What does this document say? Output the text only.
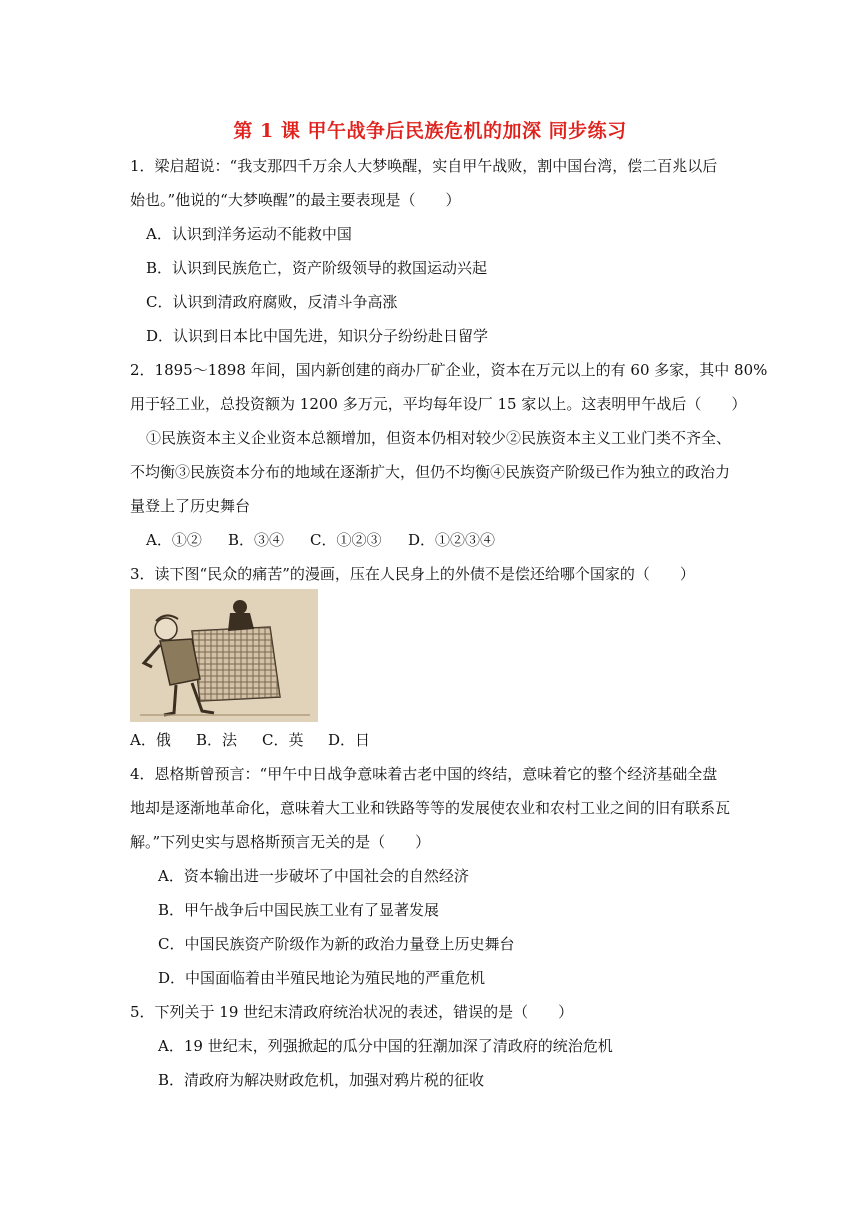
第 1 课 甲午战争后民族危机的加深 同步练习
1．梁启超说：“我支那四千万余人大梦唤醒，实自甲午战败，割中国台湾，偿二百兆以后
始也。”他说的“大梦唤醒”的最主要表现是（　　）
A．认识到洋务运动不能救中国
B．认识到民族危亡，资产阶级领导的救国运动兴起
C．认识到清政府腐败，反清斗争高涨
D．认识到日本比中国先进，知识分子纷纷赴日留学
2．1895～1898 年间，国内新创建的商办厂矿企业，资本在万元以上的有 60 多家，其中 80%
用于轻工业，总投资额为 1200 多万元，平均每年设厂 15 家以上。这表明甲午战后（　　）
①民族资本主义企业资本总额增加，但资本仍相对较少②民族资本主义工业门类不齐全、
不均衡③民族资本分布的地域在逐渐扩大，但仍不均衡④民族资产阶级已作为独立的政治力
量登上了历史舞台
A．①② B．③④ C．①②③ D．①②③④
3．读下图“民众的痛苦”的漫画，压在人民身上的外债不是偿还给哪个国家的（　　）
A．俄 B．法 C．英 D．日
4．恩格斯曾预言：“甲午中日战争意味着古老中国的终结，意味着它的整个经济基础全盘
地却是逐渐地革命化，意味着大工业和铁路等等的发展使农业和农村工业之间的旧有联系瓦
解。”下列史实与恩格斯预言无关的是（　　）
A．资本输出进一步破坏了中国社会的自然经济
B．甲午战争后中国民族工业有了显著发展
C．中国民族资产阶级作为新的政治力量登上历史舞台
D．中国面临着由半殖民地论为殖民地的严重危机
5．下列关于 19 世纪末清政府统治状况的表述，错误的是（　　）
A．19 世纪末，列强掀起的瓜分中国的狂潮加深了清政府的统治危机
B．清政府为解决财政危机，加强对鸦片税的征收
